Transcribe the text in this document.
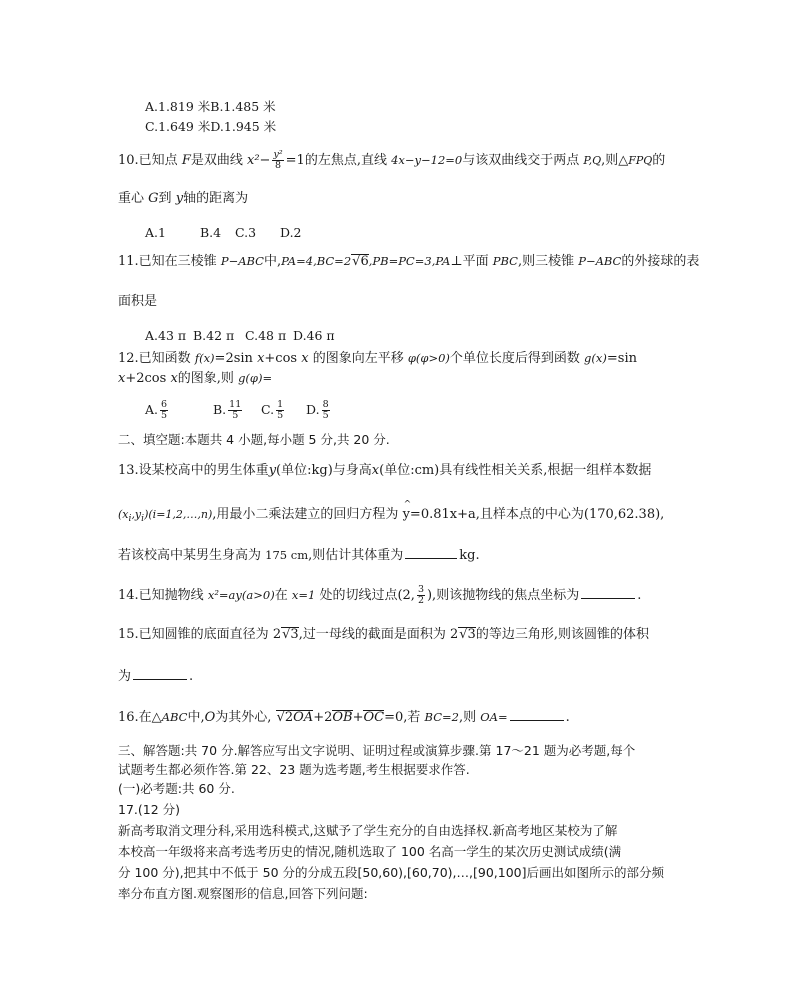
A.1.819 米B.1.485 米
C.1.649 米D.1.945 米
10.已知点 F是双曲线 $x^2- \frac{\text{y²}}{8} =1$的左焦点,直线 4x−y−12=0与该双曲线交于两点 P,Q,则△FPQ的
重心 G到 y轴的距离为
A.1	B.4 C.3 D.2
11.已知在三棱锥 P−ABC中,PA=4,BC=2√6,PB=PC=3,PA⊥平面 PBC,则三棱锥 P−ABC的外接球的表
面积是
A.43 π B.42 π C.48 π D.46 π
12.已知函数 f(x)=2sin x+cos x 的图象向左平移 φ(φ>0)个单位长度后得到函数 g(x)=sin
x+2cos x的图象,则 g(φ)=
A. $\frac{6}{5}$	B. $\frac{11}{5} C$. $\frac{1}{5} D$. $\frac{8}{5}$
二、填空题:本题共 4 小题,每小题 5 分,共 20 分.
13.设某校高中的男生体重y(单位:kg)与身高x(单位:cm)具有线性相关关系,根据一组样本数据
$(x_i,y_i)(i=1,2,\dots,n)$,用最小二乘法建立的回归方程为
^
y=0.81x+a,且样本点的中心为(170,62.38),
若该校高中某男生身高为 175 cm,则估计其体重为	kg.
14.已知抛物线 x²=ay(a>0)在 x=1 处的切线过点(2, $\frac{3}{2}$ ),则该抛物线的焦点坐标为	.
15.已知圆锥的底面直径为 2√3,过一母线的截面是面积为 2√3的等边三角形,则该圆锥的体积
为	.
16.在△ABC中,O为其外心, √2OA+2OB+OC=0,若 BC=2,则 OA=	.
三、解答题:共 70 分.解答应写出文字说明、证明过程或演算步骤.第 17～21 题为必考题,每个
试题考生都必须作答.第 22、23 题为选考题,考生根据要求作答.
(一)必考题:共 60 分.
17.(12 分)
新高考取消文理分科,采用选科模式,这赋予了学生充分的自由选择权.新高考地区某校为了解
本校高一年级将来高考选考历史的情况,随机选取了 100 名高一学生的某次历史测试成绩(满
分 100 分),把其中不低于 50 分的分成五段[50,60),[60,70),…,[90,100]后画出如图所示的部分频
率分布直方图.观察图形的信息,回答下列问题:
